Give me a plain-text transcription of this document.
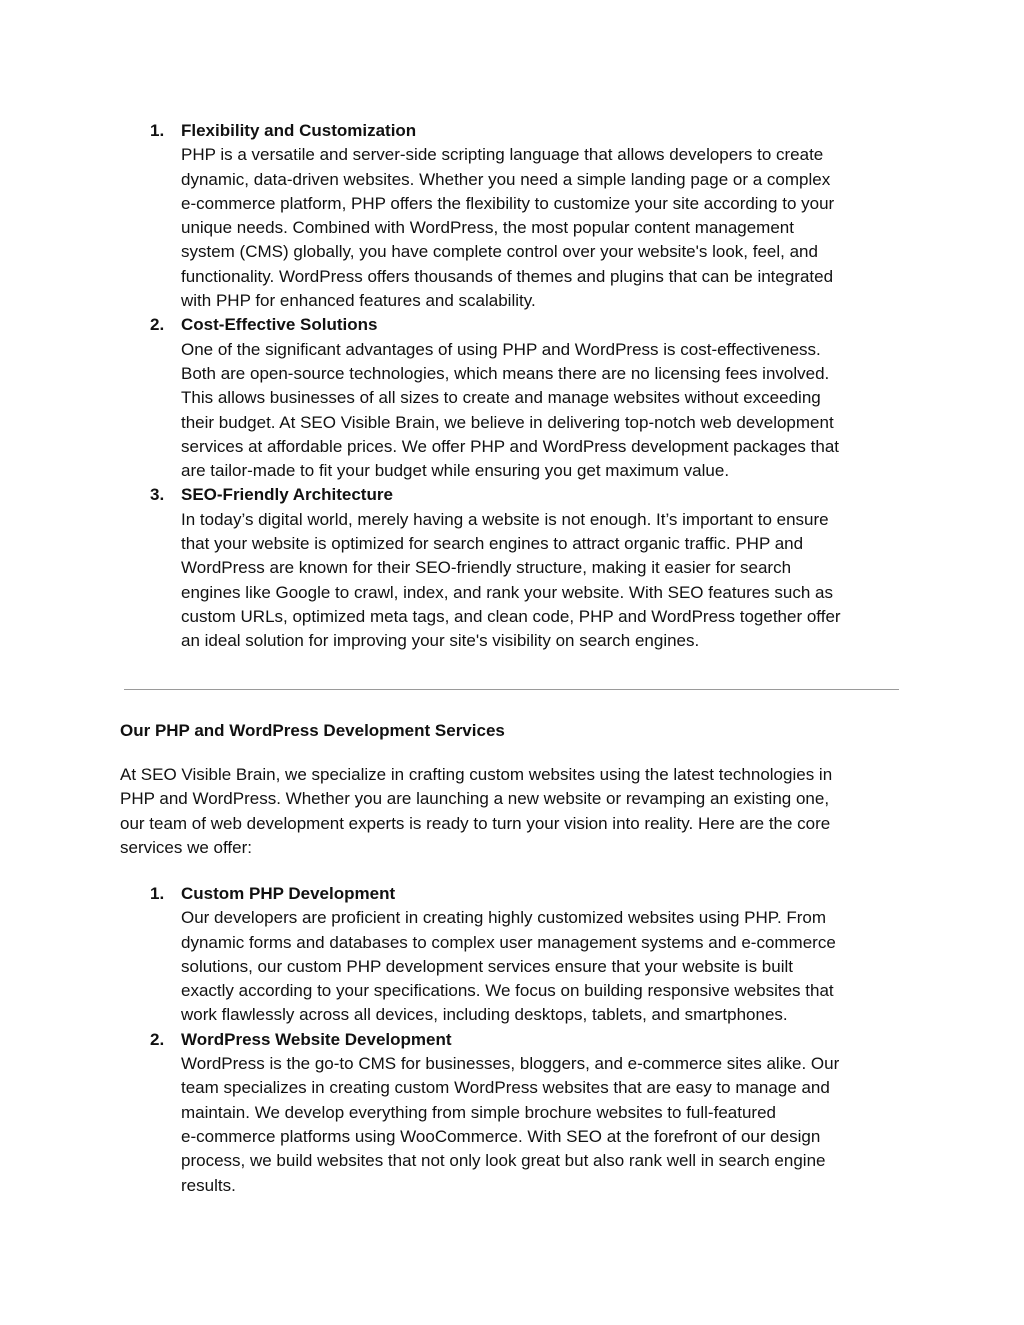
1. Flexibility and Customization
PHP is a versatile and server-side scripting language that allows developers to create
dynamic, data-driven websites. Whether you need a simple landing page or a complex
e-commerce platform, PHP offers the flexibility to customize your site according to your
unique needs. Combined with WordPress, the most popular content management
system (CMS) globally, you have complete control over your website's look, feel, and
functionality. WordPress offers thousands of themes and plugins that can be integrated
with PHP for enhanced features and scalability.
2. Cost-Effective Solutions
One of the significant advantages of using PHP and WordPress is cost-effectiveness.
Both are open-source technologies, which means there are no licensing fees involved.
This allows businesses of all sizes to create and manage websites without exceeding
their budget. At SEO Visible Brain, we believe in delivering top-notch web development
services at affordable prices. We offer PHP and WordPress development packages that
are tailor-made to fit your budget while ensuring you get maximum value.
3. SEO-Friendly Architecture
In today’s digital world, merely having a website is not enough. It’s important to ensure
that your website is optimized for search engines to attract organic traffic. PHP and
WordPress are known for their SEO-friendly structure, making it easier for search
engines like Google to crawl, index, and rank your website. With SEO features such as
custom URLs, optimized meta tags, and clean code, PHP and WordPress together offer
an ideal solution for improving your site's visibility on search engines.
Our PHP and WordPress Development Services

At SEO Visible Brain, we specialize in crafting custom websites using the latest technologies in
PHP and WordPress. Whether you are launching a new website or revamping an existing one,
our team of web development experts is ready to turn your vision into reality. Here are the core
services we offer:

1. Custom PHP Development
Our developers are proficient in creating highly customized websites using PHP. From
dynamic forms and databases to complex user management systems and e-commerce
solutions, our custom PHP development services ensure that your website is built
exactly according to your specifications. We focus on building responsive websites that
work flawlessly across all devices, including desktops, tablets, and smartphones.
2. WordPress Website Development
WordPress is the go-to CMS for businesses, bloggers, and e-commerce sites alike. Our
team specializes in creating custom WordPress websites that are easy to manage and
maintain. We develop everything from simple brochure websites to full-featured
e-commerce platforms using WooCommerce. With SEO at the forefront of our design
process, we build websites that not only look great but also rank well in search engine
results.
